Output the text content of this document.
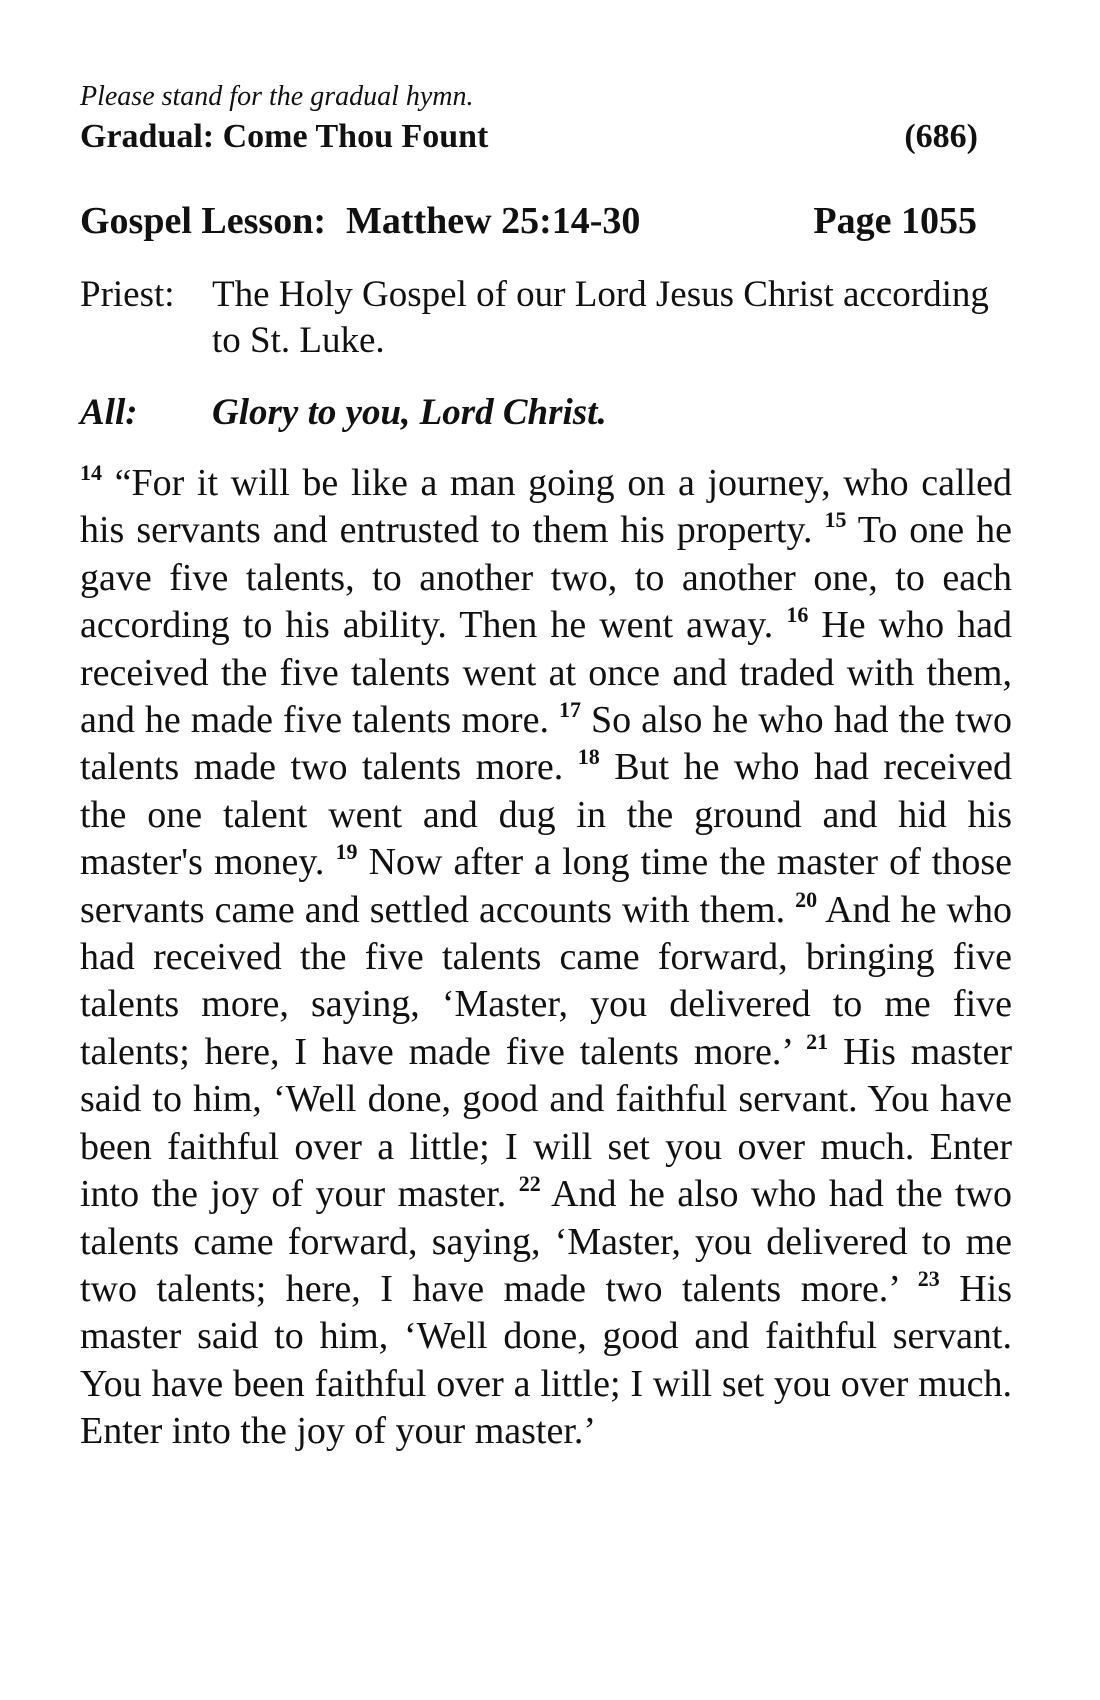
Please stand for the gradual hymn.

Gradual: Come Thou Fount	(686)
Gospel Lesson: Matthew 25:14-30	Page 1055
Priest:	The Holy Gospel of our Lord Jesus Christ according to St. Luke.
All:	Glory to you, Lord Christ.
$^{14}$ “For it will be like a man going on a journey, who called his servants and entrusted to them his property. $^{15}$ To one he gave five talents, to another two, to another one, to each according to his ability. Then he went away. $^{16}$ He who had received the five talents went at once and traded with them, and he made five talents more. $^{17}$ So also he who had the two talents made two talents more. $^{18}$ But he who had received the one talent went and dug in the ground and hid his master's money. $^{19}$ Now after a long time the master of those servants came and settled accounts with them. $^{20}$ And he who had received the five talents came forward, bringing five talents more, saying, ‘Master, you delivered to me five talents; here, I have made five talents more.’ $^{21}$ His master said to him, ‘Well done, good and faithful servant. You have been faithful over a little; I will set you over much. Enter into the joy of your master. $^{22}$ And he also who had the two talents came forward, saying, ‘Master, you delivered to me two talents; here, I have made two talents more.’ $^{23}$ His master said to him, ‘Well done, good and faithful servant. You have been faithful over a little; I will set you over much. Enter into the joy of your master.’
